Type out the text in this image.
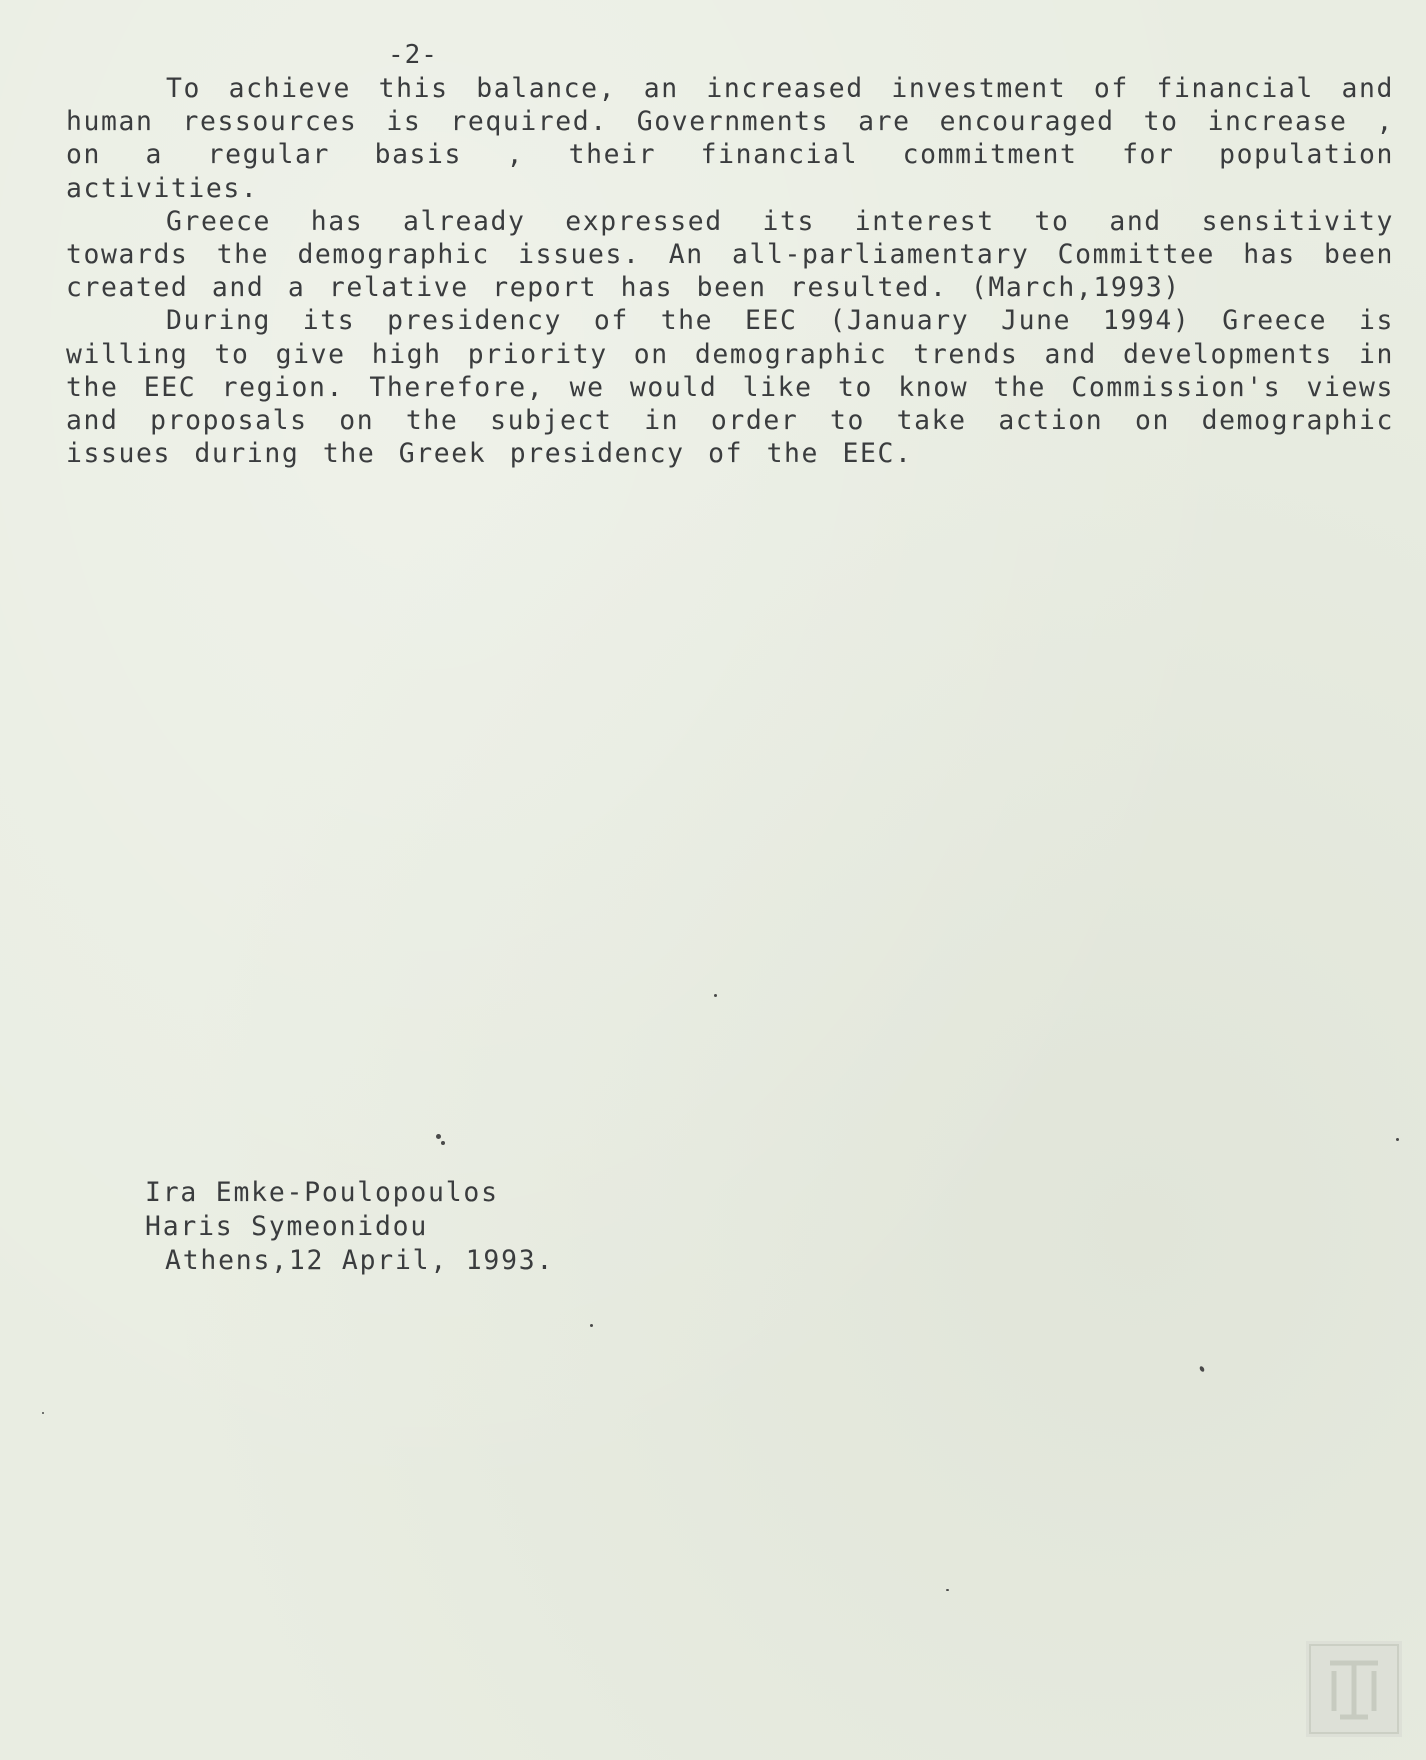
-2-

To achieve this balance, an increased investment of financial and human ressources is required. Governments are encouraged to increase , on a regular basis , their financial commitment for population activities.

Greece has already expressed its interest to and sensitivity towards the demographic issues. An all-parliamentary Committee has been created and a relative report has been resulted. (March,1993)

During its presidency of the EEC (January June 1994) Greece is willing to give high priority on demographic trends and developments in the EEC region. Therefore, we would like to know the Commission's views and proposals on the subject in order to take action on demographic issues during the Greek presidency of the EEC.

Ira Emke-Poulopoulos
Haris Symeonidou
Athens,12 April, 1993.
